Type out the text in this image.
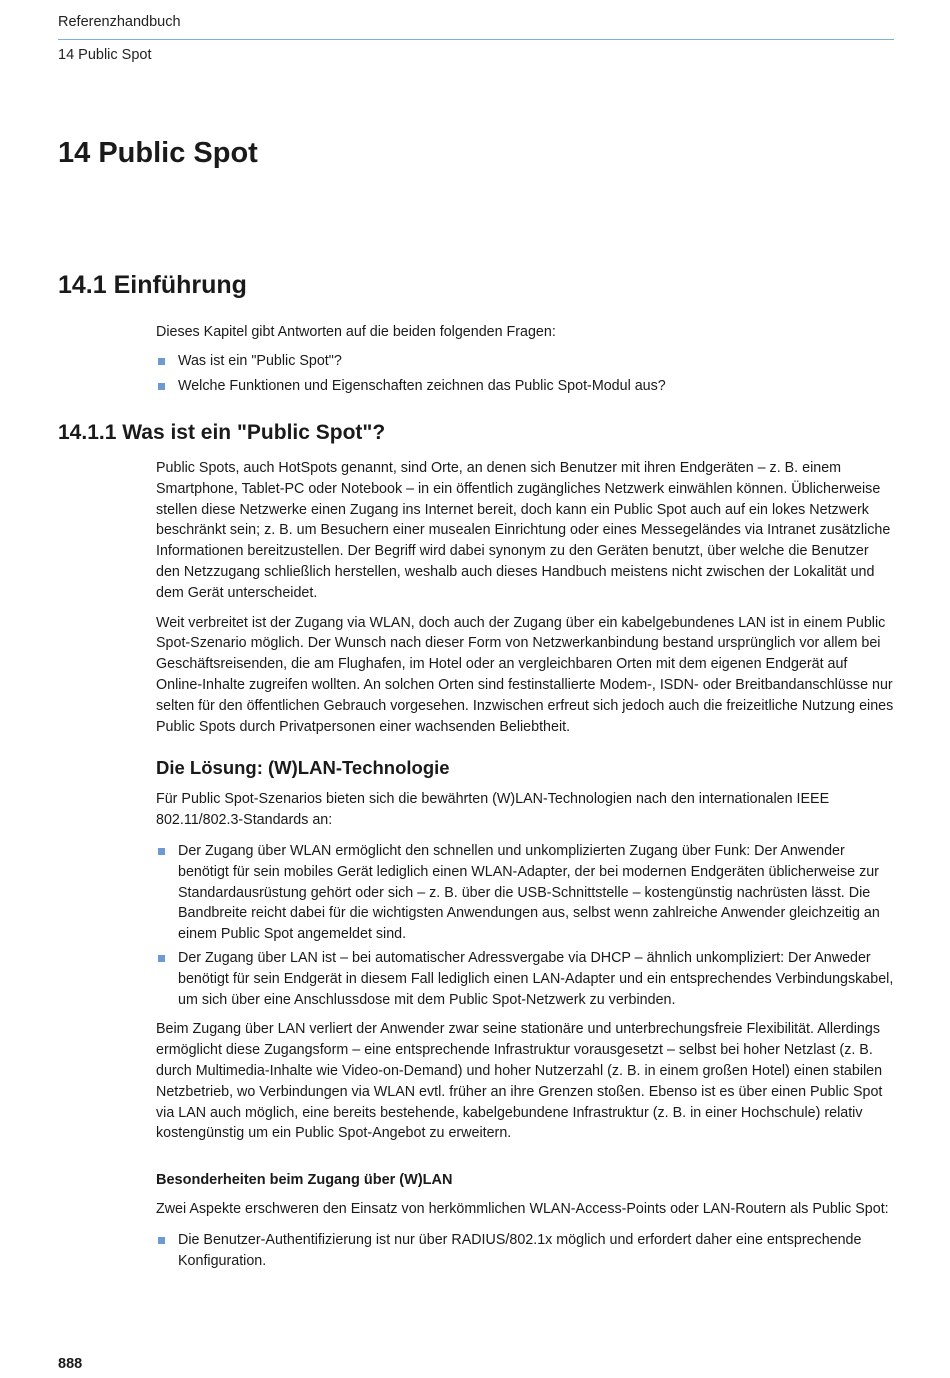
Referenzhandbuch
14 Public Spot
14 Public Spot
14.1 Einführung

Dieses Kapitel gibt Antworten auf die beiden folgenden Fragen:

Was ist ein "Public Spot"?
Welche Funktionen und Eigenschaften zeichnen das Public Spot-Modul aus?
14.1.1 Was ist ein "Public Spot"?

Public Spots, auch HotSpots genannt, sind Orte, an denen sich Benutzer mit ihren Endgeräten – z. B. einem Smartphone, Tablet-PC oder Notebook – in ein öffentlich zugängliches Netzwerk einwählen können. Üblicherweise stellen diese Netzwerke einen Zugang ins Internet bereit, doch kann ein Public Spot auch auf ein lokes Netzwerk beschränkt sein; z. B. um Besuchern einer musealen Einrichtung oder eines Messegeländes via Intranet zusätzliche Informationen bereitzustellen. Der Begriff wird dabei synonym zu den Geräten benutzt, über welche die Benutzer den Netzzugang schließlich herstellen, weshalb auch dieses Handbuch meistens nicht zwischen der Lokalität und dem Gerät unterscheidet.

Weit verbreitet ist der Zugang via WLAN, doch auch der Zugang über ein kabelgebundenes LAN ist in einem Public Spot-Szenario möglich. Der Wunsch nach dieser Form von Netzwerkanbindung bestand ursprünglich vor allem bei Geschäftsreisenden, die am Flughafen, im Hotel oder an vergleichbaren Orten mit dem eigenen Endgerät auf Online-Inhalte zugreifen wollten. An solchen Orten sind festinstallierte Modem-, ISDN- oder Breitbandanschlüsse nur selten für den öffentlichen Gebrauch vorgesehen. Inzwischen erfreut sich jedoch auch die freizeitliche Nutzung eines Public Spots durch Privatpersonen einer wachsenden Beliebtheit.

Die Lösung: (W)LAN-Technologie

Für Public Spot-Szenarios bieten sich die bewährten (W)LAN-Technologien nach den internationalen IEEE 802.11/802.3-Standards an:

Der Zugang über WLAN ermöglicht den schnellen und unkomplizierten Zugang über Funk: Der Anwender benötigt für sein mobiles Gerät lediglich einen WLAN-Adapter, der bei modernen Endgeräten üblicherweise zur Standardausrüstung gehört oder sich – z. B. über die USB-Schnittstelle – kostengünstig nachrüsten lässt. Die Bandbreite reicht dabei für die wichtigsten Anwendungen aus, selbst wenn zahlreiche Anwender gleichzeitig an einem Public Spot angemeldet sind.
Der Zugang über LAN ist – bei automatischer Adressvergabe via DHCP – ähnlich unkompliziert: Der Anweder benötigt für sein Endgerät in diesem Fall lediglich einen LAN-Adapter und ein entsprechendes Verbindungskabel, um sich über eine Anschlussdose mit dem Public Spot-Netzwerk zu verbinden.

Beim Zugang über LAN verliert der Anwender zwar seine stationäre und unterbrechungsfreie Flexibilität. Allerdings ermöglicht diese Zugangsform – eine entsprechende Infrastruktur vorausgesetzt – selbst bei hoher Netzlast (z. B. durch Multimedia-Inhalte wie Video-on-Demand) und hoher Nutzerzahl (z. B. in einem großen Hotel) einen stabilen Netzbetrieb, wo Verbindungen via WLAN evtl. früher an ihre Grenzen stoßen. Ebenso ist es über einen Public Spot via LAN auch möglich, eine bereits bestehende, kabelgebundene Infrastruktur (z. B. in einer Hochschule) relativ kostengünstig um ein Public Spot-Angebot zu erweitern.

Besonderheiten beim Zugang über (W)LAN

Zwei Aspekte erschweren den Einsatz von herkömmlichen WLAN-Access-Points oder LAN-Routern als Public Spot:

Die Benutzer-Authentifizierung ist nur über RADIUS/802.1x möglich und erfordert daher eine entsprechende Konfiguration.
888
